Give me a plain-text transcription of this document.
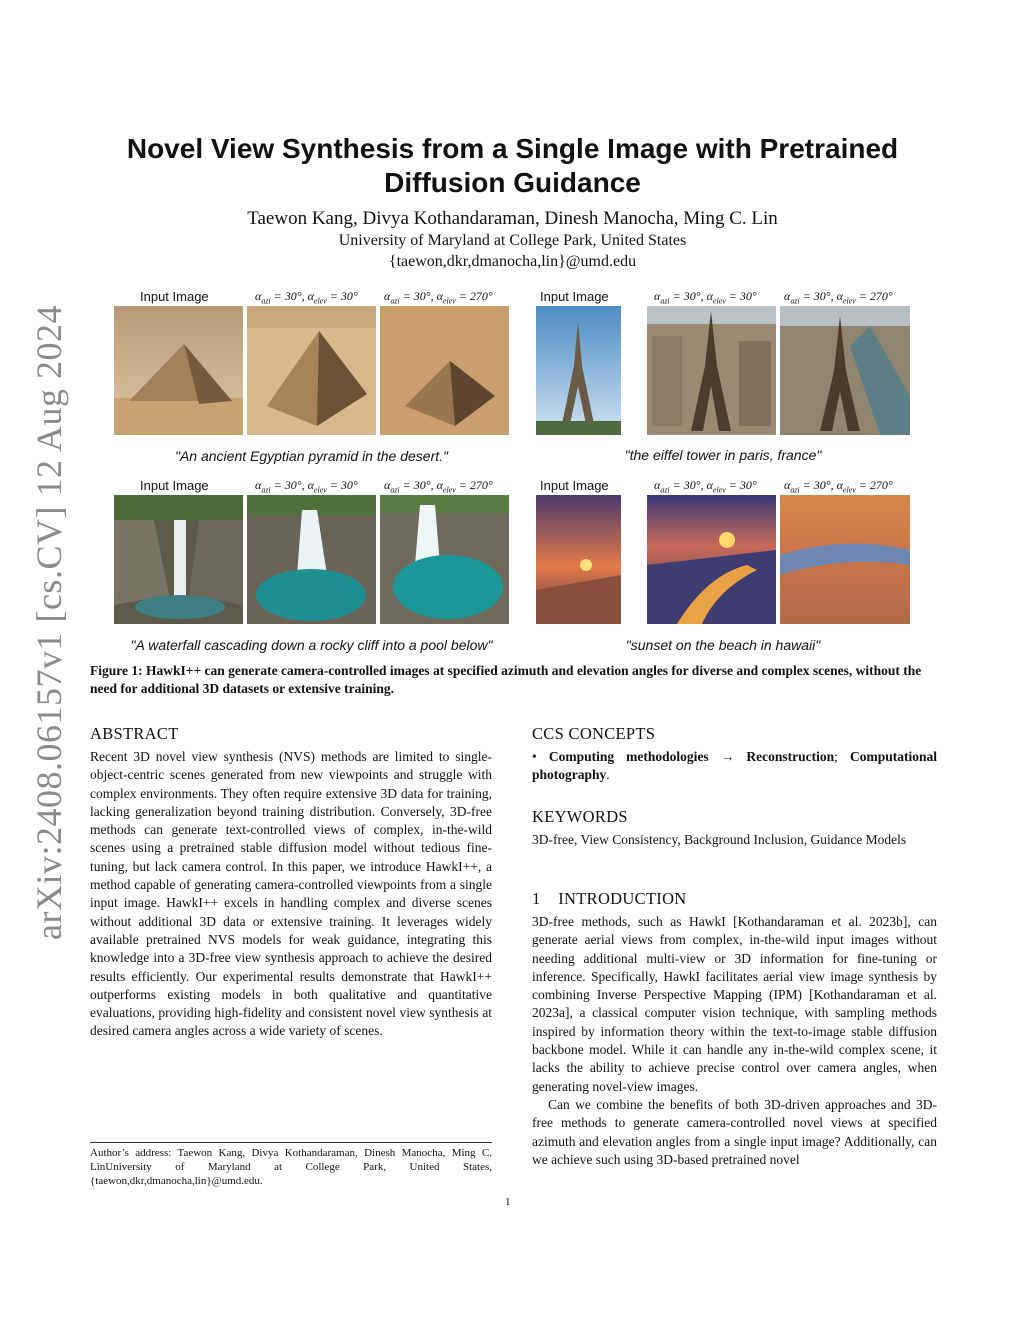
arXiv:2408.06157v1 [cs.CV] 12 Aug 2024
Novel View Synthesis from a Single Image with Pretrained
Diffusion Guidance
Taewon Kang, Divya Kothandaraman, Dinesh Manocha, Ming C. Lin
University of Maryland at College Park, United States
{taewon,dkr,dmanocha,lin}@umd.edu
Input Image	$\alpha_{azi} = 30^\circ$, $\alpha_{elev} = 30^\circ$ $\alpha_{azi} = 30^\circ$, $\alpha_{elev} = 270^\circ$	Input Image	$\alpha_{azi} = 30^\circ$, $\alpha_{elev} = 30^\circ$ $\alpha_{azi} = 30^\circ$, $\alpha_{elev} = 270^\circ$
"An ancient Egyptian pyramid in the desert."	"the eiffel tower in paris, france"
Input Image	$\alpha_{azi} = 30^\circ$, $\alpha_{elev} = 30^\circ$ $\alpha_{azi} = 30^\circ$, $\alpha_{elev} = 270^\circ$	Input Image	$\alpha_{azi} = 30^\circ$, $\alpha_{elev} = 30^\circ$ $\alpha_{azi} = 30^\circ$, $\alpha_{elev} = 270^\circ$
"A waterfall cascading down a rocky cliff into a pool below"	"sunset on the beach in hawaii"
Figure 1: HawkI++ can generate camera-controlled images at specified azimuth and elevation angles for diverse and complex scenes, without the need for additional 3D datasets or extensive training.
ABSTRACT

Recent 3D novel view synthesis (NVS) methods are limited to single-object-centric scenes generated from new viewpoints and struggle with complex environments. They often require extensive 3D data for training, lacking generalization beyond training distribution. Conversely, 3D-free methods can generate text-controlled views of complex, in-the-wild scenes using a pretrained stable diffusion model without tedious fine-tuning, but lack camera control. In this paper, we introduce HawkI++, a method capable of generating camera-controlled viewpoints from a single input image. HawkI++ excels in handling complex and diverse scenes without additional 3D data or extensive training. It leverages widely available pretrained NVS models for weak guidance, integrating this knowledge into a 3D-free view synthesis approach to achieve the desired results efficiently. Our experimental results demonstrate that HawkI++ outperforms existing models in both qualitative and quantitative evaluations, providing high-fidelity and consistent novel view synthesis at desired camera angles across a wide variety of scenes.

Author’s address: Taewon Kang, Divya Kothandaraman, Dinesh Manocha, Ming C. LinUniversity of Maryland at College Park, United States, {taewon,dkr,dmanocha,lin}@umd.edu.
CCS CONCEPTS

• Computing methodologies → Reconstruction; Computational photography.

KEYWORDS
3D-free, View Consistency, Background Inclusion, Guidance Models
1    INTRODUCTION

3D-free methods, such as HawkI [Kothandaraman et al. 2023b], can generate aerial views from complex, in-the-wild input images without needing additional multi-view or 3D information for fine-tuning or inference. Specifically, HawkI facilitates aerial view image synthesis by combining Inverse Perspective Mapping (IPM) [Kothandaraman et al. 2023a], a classical computer vision technique, with sampling methods inspired by information theory within the text-to-image stable diffusion backbone model. While it can handle any in-the-wild complex scene, it lacks the ability to achieve precise control over camera angles, when generating novel-view images.

Can we combine the benefits of both 3D-driven approaches and 3D-free methods to generate camera-controlled novel views at specified azimuth and elevation angles from a single input image? Additionally, can we achieve such using 3D-based pretrained novel

1
